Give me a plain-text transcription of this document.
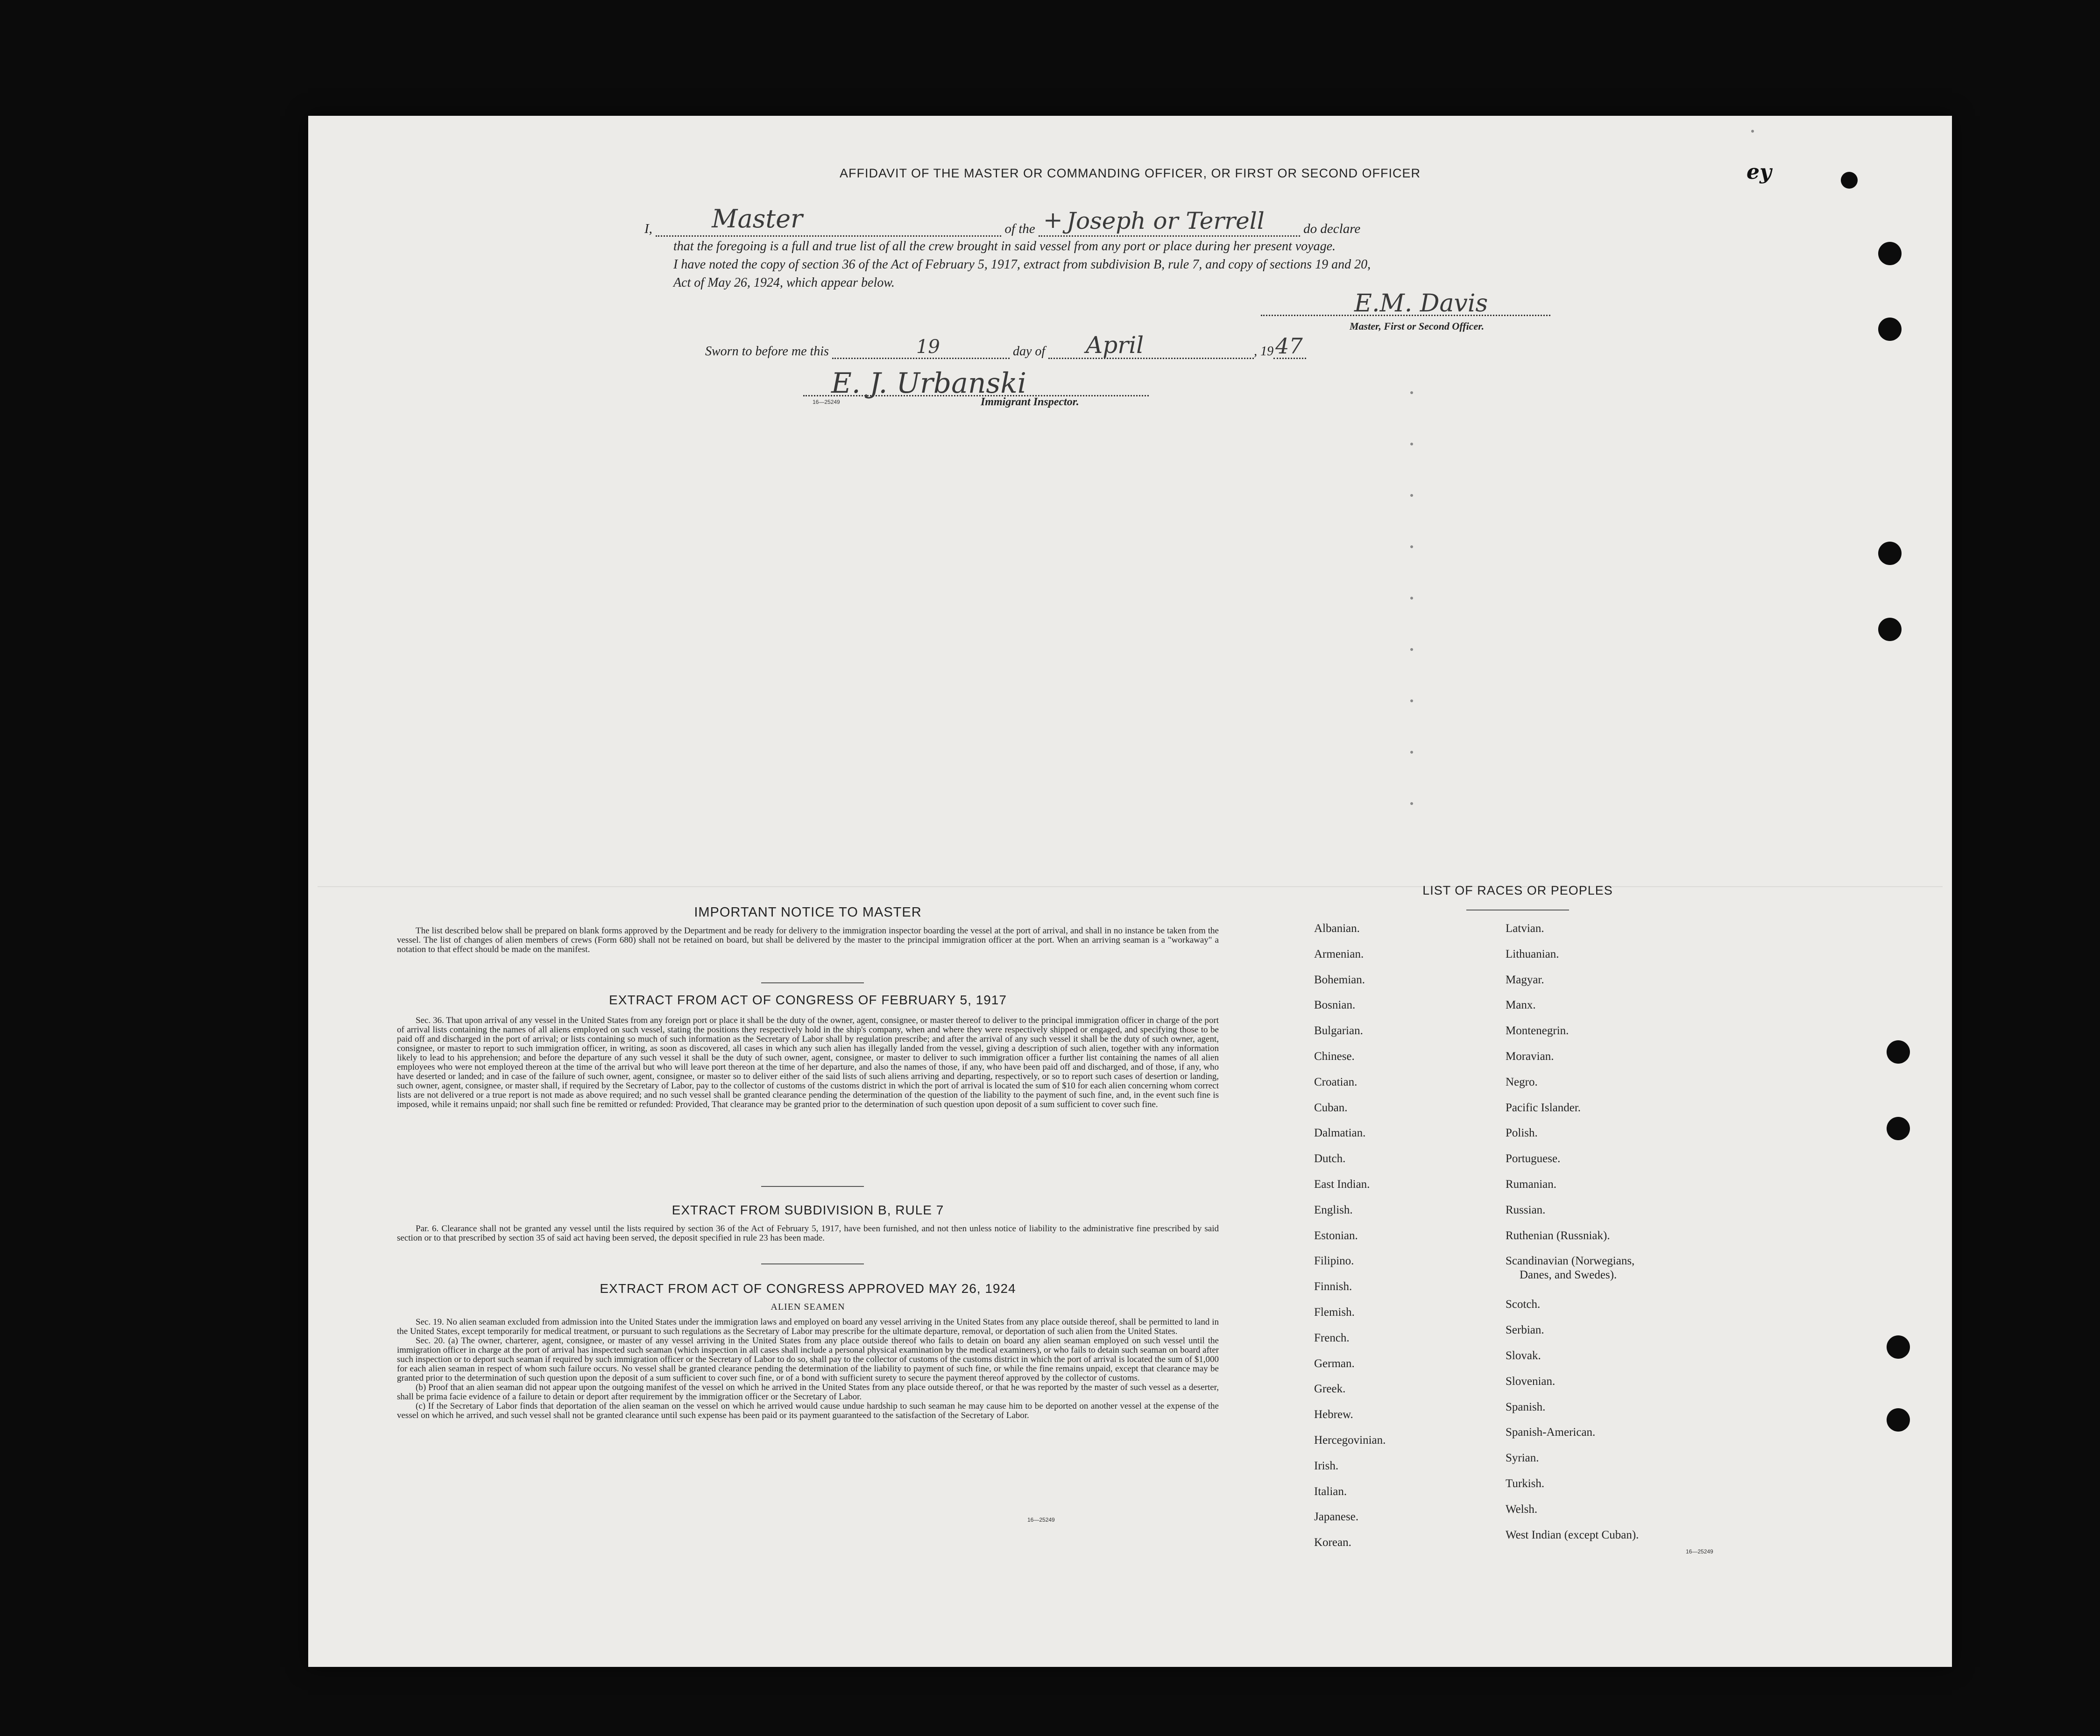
AFFIDAVIT OF THE MASTER OR COMMANDING OFFICER, OR FIRST OR SECOND OFFICER	ey
I, Master	of the + Joseph or Terrell	do declare
that the foregoing is a full and true list of all the crew brought in said vessel from any port or place during her present voyage.
I have noted the copy of section 36 of the Act of February 5, 1917, extract from subdivision B, rule 7, and copy of sections 19 and 20,
Act of May 26, 1924, which appear below.
E.M. Davis
Master, First or Second Officer.
Sworn to before me this	19	day of April	, 19 47
E. J. Urbanski
16—25249	Immigrant Inspector.
IMPORTANT NOTICE TO MASTER
The list described below shall be prepared on blank forms approved by the Department and be ready for delivery to the immigration inspector boarding the vessel at the port of arrival, and shall in no instance be taken from the vessel. The list of changes of alien members of crews (Form 680) shall not be retained on board, but shall be delivered by the master to the principal immigration officer at the port. When an arriving seaman is a "workaway" a notation to that effect should be made on the manifest.
EXTRACT FROM ACT OF CONGRESS OF FEBRUARY 5, 1917
Sec. 36. That upon arrival of any vessel in the United States from any foreign port or place it shall be the duty of the owner, agent, consignee, or master thereof to deliver to the principal immigration officer in charge of the port of arrival lists containing the names of all aliens employed on such vessel, stating the positions they respectively hold in the ship's company, when and where they were respectively shipped or engaged, and specifying those to be paid off and discharged in the port of arrival; or lists containing so much of such information as the Secretary of Labor shall by regulation prescribe; and after the arrival of any such vessel it shall be the duty of such owner, agent, consignee, or master to report to such immigration officer, in writing, as soon as discovered, all cases in which any such alien has illegally landed from the vessel, giving a description of such alien, together with any information likely to lead to his apprehension; and before the departure of any such vessel it shall be the duty of such owner, agent, consignee, or master to deliver to such immigration officer a further list containing the names of all alien employees who were not employed thereon at the time of the arrival but who will leave port thereon at the time of her departure, and also the names of those, if any, who have been paid off and discharged, and of those, if any, who have deserted or landed; and in case of the failure of such owner, agent, consignee, or master so to deliver either of the said lists of such aliens arriving and departing, respectively, or so to report such cases of desertion or landing, such owner, agent, consignee, or master shall, if required by the Secretary of Labor, pay to the collector of customs of the customs district in which the port of arrival is located the sum of $10 for each alien concerning whom correct lists are not delivered or a true report is not made as above required; and no such vessel shall be granted clearance pending the determination of the question of the liability to the payment of such fine, and, in the event such fine is imposed, while it remains unpaid; nor shall such fine be remitted or refunded: Provided, That clearance may be granted prior to the determination of such question upon deposit of a sum sufficient to cover such fine.
EXTRACT FROM SUBDIVISION B, RULE 7
Par. 6. Clearance shall not be granted any vessel until the lists required by section 36 of the Act of February 5, 1917, have been furnished, and not then unless notice of liability to the administrative fine prescribed by said section or to that prescribed by section 35 of said act having been served, the deposit specified in rule 23 has been made.
EXTRACT FROM ACT OF CONGRESS APPROVED MAY 26, 1924
ALIEN SEAMEN
Sec. 19. No alien seaman excluded from admission into the United States under the immigration laws and employed on board any vessel arriving in the United States from any place outside thereof, shall be permitted to land in the United States, except temporarily for medical treatment, or pursuant to such regulations as the Secretary of Labor may prescribe for the ultimate departure, removal, or deportation of such alien from the United States.
Sec. 20. (a) The owner, charterer, agent, consignee, or master of any vessel arriving in the United States from any place outside thereof who fails to detain on board any alien seaman employed on such vessel until the immigration officer in charge at the port of arrival has inspected such seaman (which inspection in all cases shall include a personal physical examination by the medical examiners), or who fails to detain such seaman on board after such inspection or to deport such seaman if required by such immigration officer or the Secretary of Labor to do so, shall pay to the collector of customs of the customs district in which the port of arrival is located the sum of $1,000 for each alien seaman in respect of whom such failure occurs. No vessel shall be granted clearance pending the determination of the liability to payment of such fine, or while the fine remains unpaid, except that clearance may be granted prior to the determination of such question upon the deposit of a sum sufficient to cover such fine, or of a bond with sufficient surety to secure the payment thereof approved by the collector of customs.
(b) Proof that an alien seaman did not appear upon the outgoing manifest of the vessel on which he arrived in the United States from any place outside thereof, or that he was reported by the master of such vessel as a deserter, shall be prima facie evidence of a failure to detain or deport after requirement by the immigration officer or the Secretary of Labor.
(c) If the Secretary of Labor finds that deportation of the alien seaman on the vessel on which he arrived would cause undue hardship to such seaman he may cause him to be deported on another vessel at the expense of the vessel on which he arrived, and such vessel shall not be granted clearance until such expense has been paid or its payment guaranteed to the satisfaction of the Secretary of Labor.
16—25249
LIST OF RACES OR PEOPLES
Albanian.
Armenian.
Bohemian.
Bosnian.
Bulgarian.
Chinese.
Croatian.
Cuban.
Dalmatian.
Dutch.
East Indian.
English.
Estonian.
Filipino.
Finnish.
Flemish.
French.
German.
Greek.
Hebrew.
Hercegovinian.
Irish.
Italian.
Japanese.
Korean.
Latvian.
Lithuanian.
Magyar.
Manx.
Montenegrin.
Moravian.
Negro.
Pacific Islander.
Polish.
Portuguese.
Rumanian.
Russian.
Ruthenian (Russniak).
Scandinavian (Norwegians,
Danes, and Swedes).
Scotch.
Serbian.
Slovak.
Slovenian.
Spanish.
Spanish-American.
Syrian.
Turkish.
Welsh.
West Indian (except Cuban).
16—25249
